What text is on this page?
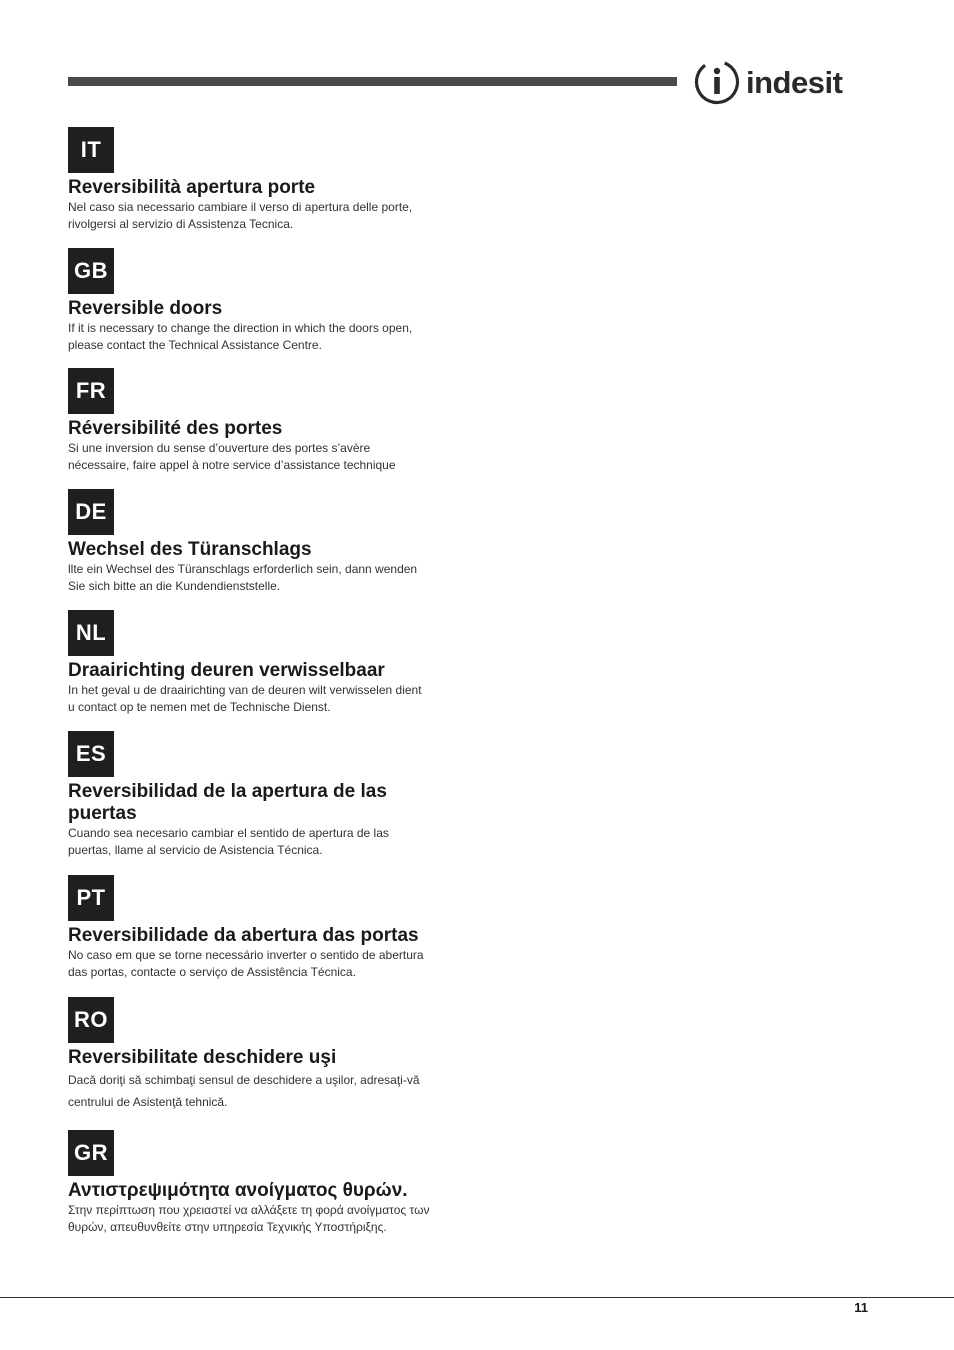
indesit
IT
Reversibilità apertura porte

Nel caso sia necessario cambiare il verso di apertura delle porte,
rivolgersi al servizio di Assistenza Tecnica.

GB
Reversible doors

If it is necessary to change the direction in which the doors open,
please contact the Technical Assistance Centre.

FR
Réversibilité des portes

Si une inversion du sense d’ouverture des portes s’avère
nécessaire, faire appel à notre service d’assistance technique

DE
Wechsel des Türanschlags

llte ein Wechsel des Türanschlags erforderlich sein, dann wenden
Sie sich bitte an die Kundendienststelle.

NL
Draairichting deuren verwisselbaar

In het geval u de draairichting van de deuren wilt verwisselen dient
u contact op te nemen met de Technische Dienst.

ES
Reversibilidad de la apertura de las puertas

Cuando sea necesario cambiar el sentido de apertura de las
puertas, llame al servicio de Asistencia Técnica.

PT
Reversibilidade da abertura das portas

No caso em que se torne necessário inverter o sentido de abertura
das portas, contacte o serviço de Assistência Técnica.

RO
Reversibilitate deschidere uşi

Dacă doriţi să schimbaţi sensul de deschidere a uşilor, adresaţi-vă
centrului de Asistenţă tehnică.

GR
Αντιστρεψιμότητα ανοίγματος θυρών.

Στην περίπτωση που χρειαστεί να αλλάξετε τη φορά ανοίγματος των
θυρών, απευθυνθείτε στην υπηρεσία Τεχνικής Υποστήριξης.

11
